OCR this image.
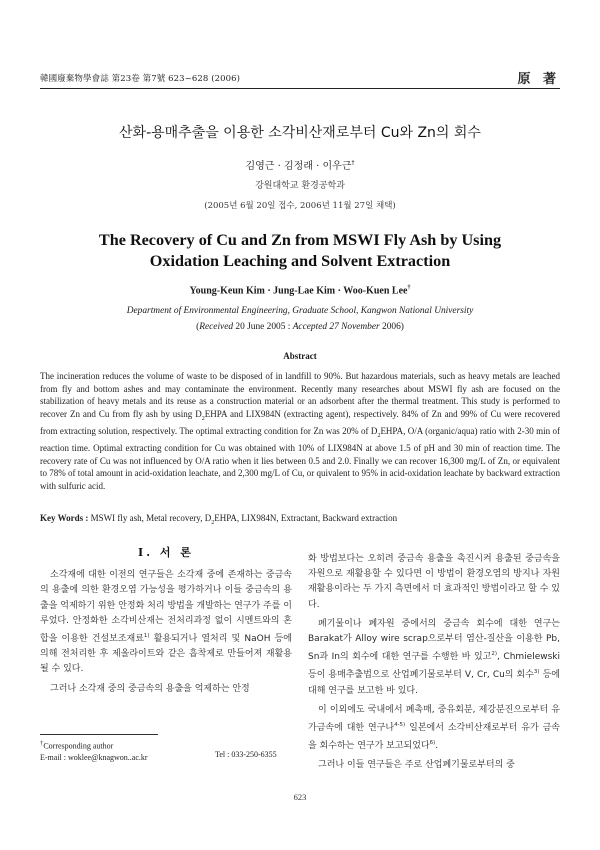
韓國廢棄物學會誌 第23卷 第7號 623~628 (2006)	原 著
산화-용매추출을 이용한 소각비산재로부터 Cu와 Zn의 회수
김영근 · 김정래 · 이우근†
강원대학교 환경공학과
(2005년 6월 20일 접수, 2006년 11월 27일 채택)
The Recovery of Cu and Zn from MSWI Fly Ash by Using
Oxidation Leaching and Solvent Extraction
Young-Keun Kim · Jung-Lae Kim · Woo-Kuen Lee†
Department of Environmental Engineering, Graduate School, Kangwon National University
(Received 20 June 2005 : Accepted 27 November 2006)
Abstract
The incineration reduces the volume of waste to be disposed of in landfill to 90%. But hazardous materials, such as heavy metals are leached from fly and bottom ashes and may contaminate the environment. Recently many researches about MSWI fly ash are focused on the stabilization of heavy metals and its reuse as a construction material or an adsorbent after the thermal treatment. This study is performed to recover Zn and Cu from fly ash by using $D_2EHPA$ and LIX984N (extracting agent), respectively. 84% of Zn and 99% of Cu were recovered from extracting solution, respectively. The optimal extracting condition for Zn was 20% of $D_2EHPA$, O/A (organic/aqua) ratio with 2-30 min of reaction time. Optimal extracting condition for Cu was obtained with 10% of LIX984N at above 1.5 of pH and 30 min of reaction time. The recovery rate of Cu was not influenced by O/A ratio when it lies between 0.5 and 2.0. Finally we can recover 16,300 mg/L of Zn, or equivalent to 78% of total amount in acid-oxidation leachate, and 2,300 mg/L of Cu, or quivalent to 95% in acid-oxidation leachate by backward extraction with sulfuric acid.
Key Words : MSWI fly ash, Metal recovery, $D_2EHPA$, LIX984N, Extractant, Backward extraction
I. 서 론

소각재에 대한 이전의 연구들은 소각재 중에 존재하는 중금속의 용출에 의한 환경오염 가능성을 평가하거나 이들 중금속의 용출을 억제하기 위한 안정화 처리 방법을 개발하는 연구가 주를 이루었다. 안정화한 소각비산재는 전처리과정 없이 시멘트와의 혼합을 이용한 건설보조재료$^{1)}$ 활용되거나 열처리 및 NaOH 등에 의해 전처리한 후 제올라이트와 같은 흡착제로 만들어져 재활용될 수 있다.

그러나 소각재 중의 중금속의 용출을 억제하는 안정

화 방법보다는 오히려 중금속 용출을 촉진시켜 용출된 중금속을 자원으로 재활용할 수 있다면 이 방법이 환경오염의 방지나 자원재활용이라는 두 가지 측면에서 더 효과적인 방법이라고 할 수 있다.

폐기물이나 폐자원 중에서의 중금속 회수에 대한 연구는 Barakat가 Alloy wire scrap으로부터 염산-질산을 이용한 Pb, Sn과 In의 회수에 대한 연구를 수행한 바 있고$^{2)}$, Chmielewski 등이 용매추출법으로 산업폐기물로부터 V, Cr, Cu의 회수$^{3)}$ 등에 대해 연구를 보고한 바 있다.

이 이외에도 국내에서 폐촉매, 중유회분, 제강분진으로부터 유가금속에 대한 연구나$^{4-5)}$ 일본에서 소각비산재로부터 유가 금속을 회수하는 연구가 보고되었다$^{6)}$.

그러나 이들 연구들은 주로 산업폐기물로부터의 중

†Corresponding author
E-mail : woklee@knagwon..ac.kr	Tel : 033-250-6355
623
